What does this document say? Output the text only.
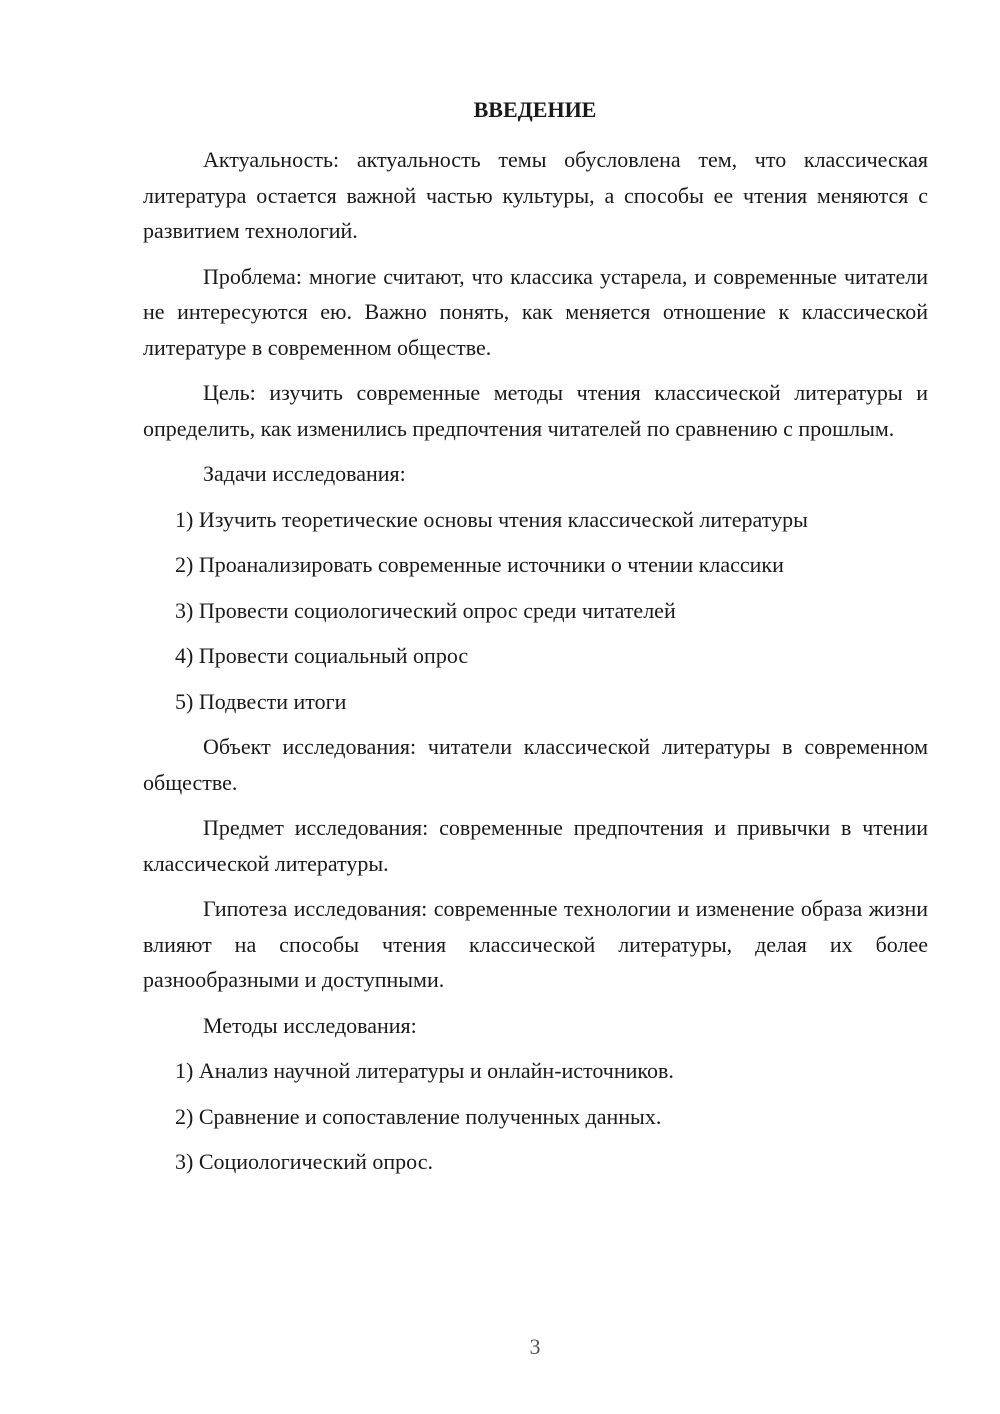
ВВЕДЕНИЕ

Актуальность: актуальность темы обусловлена тем, что классическая литература остается важной частью культуры, а способы ее чтения меняются с развитием технологий.

Проблема: многие считают, что классика устарела, и современные читатели не интересуются ею. Важно понять, как меняется отношение к классической литературе в современном обществе.

Цель: изучить современные методы чтения классической литературы и определить, как изменились предпочтения читателей по сравнению с прошлым.

Задачи исследования:

1) Изучить теоретические основы чтения классической литературы

2) Проанализировать современные источники о чтении классики

3) Провести социологический опрос среди читателей

4) Провести социальный опрос

5) Подвести итоги

Объект исследования: читатели классической литературы в современном обществе.

Предмет исследования: современные предпочтения и привычки в чтении классической литературы.

Гипотеза исследования: современные технологии и изменение образа жизни влияют на способы чтения классической литературы, делая их более разнообразными и доступными.

Методы исследования:

1) Анализ научной литературы и онлайн-источников.

2) Сравнение и сопоставление полученных данных.

3) Социологический опрос.

3
